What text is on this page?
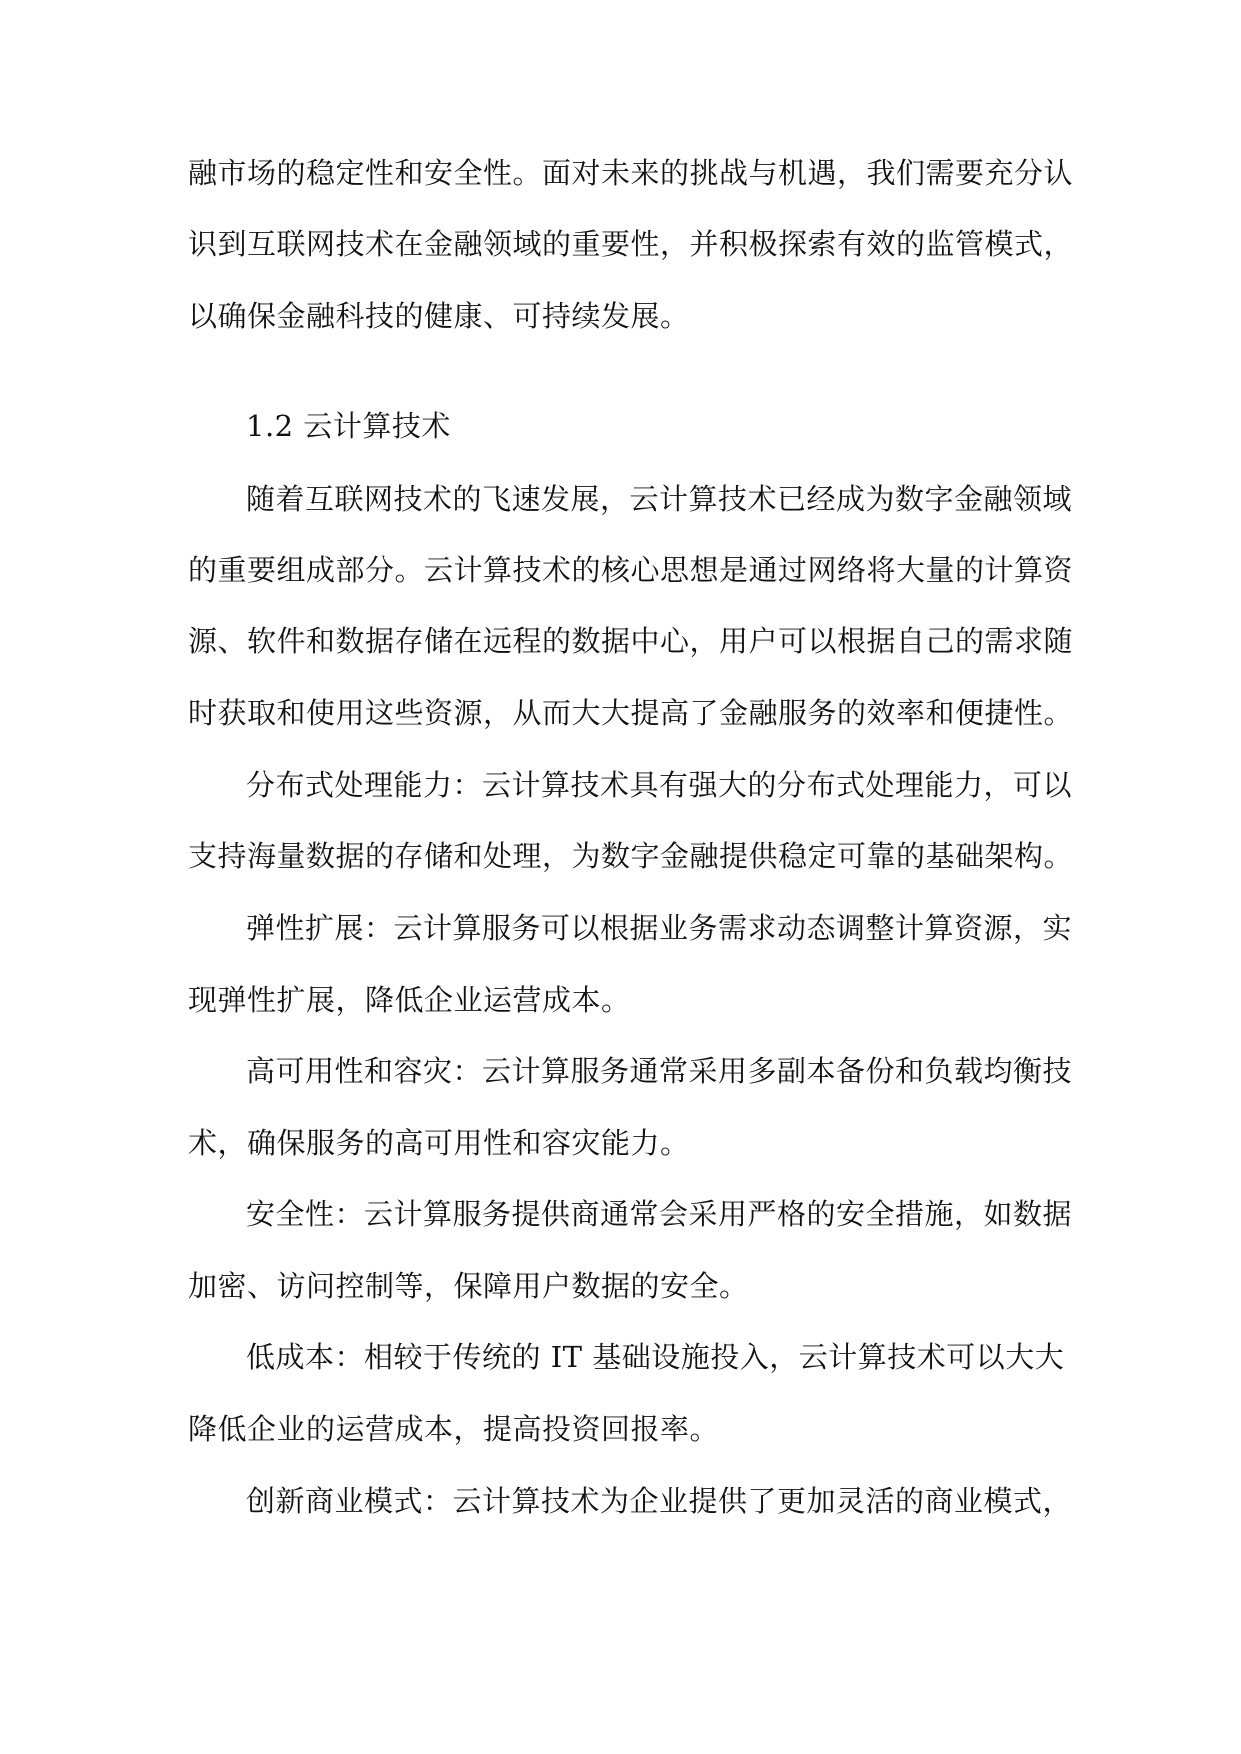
融市场的稳定性和安全性。面对未来的挑战与机遇，我们需要充分认
识到互联网技术在金融领域的重要性，并积极探索有效的监管模式，
以确保金融科技的健康、可持续发展。
1.2 云计算技术
随着互联网技术的飞速发展，云计算技术已经成为数字金融领域
的重要组成部分。云计算技术的核心思想是通过网络将大量的计算资
源、软件和数据存储在远程的数据中心，用户可以根据自己的需求随
时获取和使用这些资源，从而大大提高了金融服务的效率和便捷性。
分布式处理能力：云计算技术具有强大的分布式处理能力，可以
支持海量数据的存储和处理，为数字金融提供稳定可靠的基础架构。
弹性扩展：云计算服务可以根据业务需求动态调整计算资源，实
现弹性扩展，降低企业运营成本。
高可用性和容灾：云计算服务通常采用多副本备份和负载均衡技
术，确保服务的高可用性和容灾能力。
安全性：云计算服务提供商通常会采用严格的安全措施，如数据
加密、访问控制等，保障用户数据的安全。
低成本：相较于传统的 IT 基础设施投入，云计算技术可以大大
降低企业的运营成本，提高投资回报率。
创新商业模式：云计算技术为企业提供了更加灵活的商业模式，
